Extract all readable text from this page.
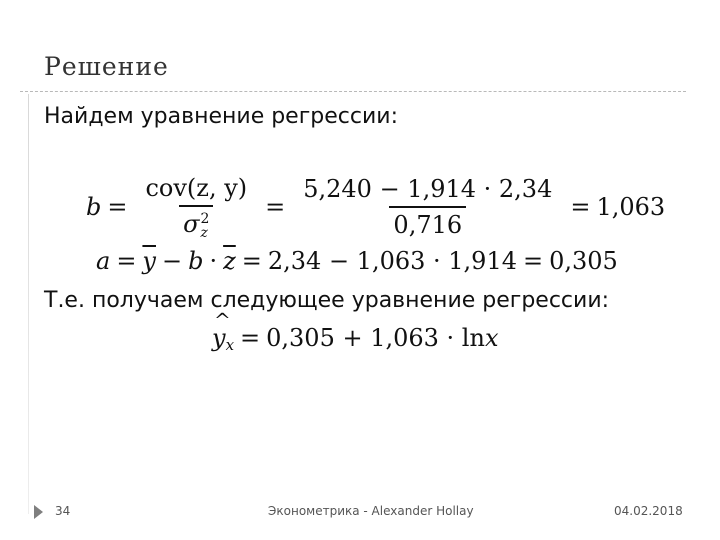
Решение
Найдем уравнение регрессии:
b = cov(z, y)
σ 2
$z = \frac{5,240 - 1,914 \cdot 2,34}{0,716} = 1,063$
$a = \overline{y} - b \cdot \overline{z} = 2,34 - 1,063 \cdot 1,914 = 0,305$
Т.е. получаем следующее уравнение регрессии:
^ y x = 0,305 + 1,063 · ln x
34	Эконометрика - Alexander Hollay	04.02.2018
